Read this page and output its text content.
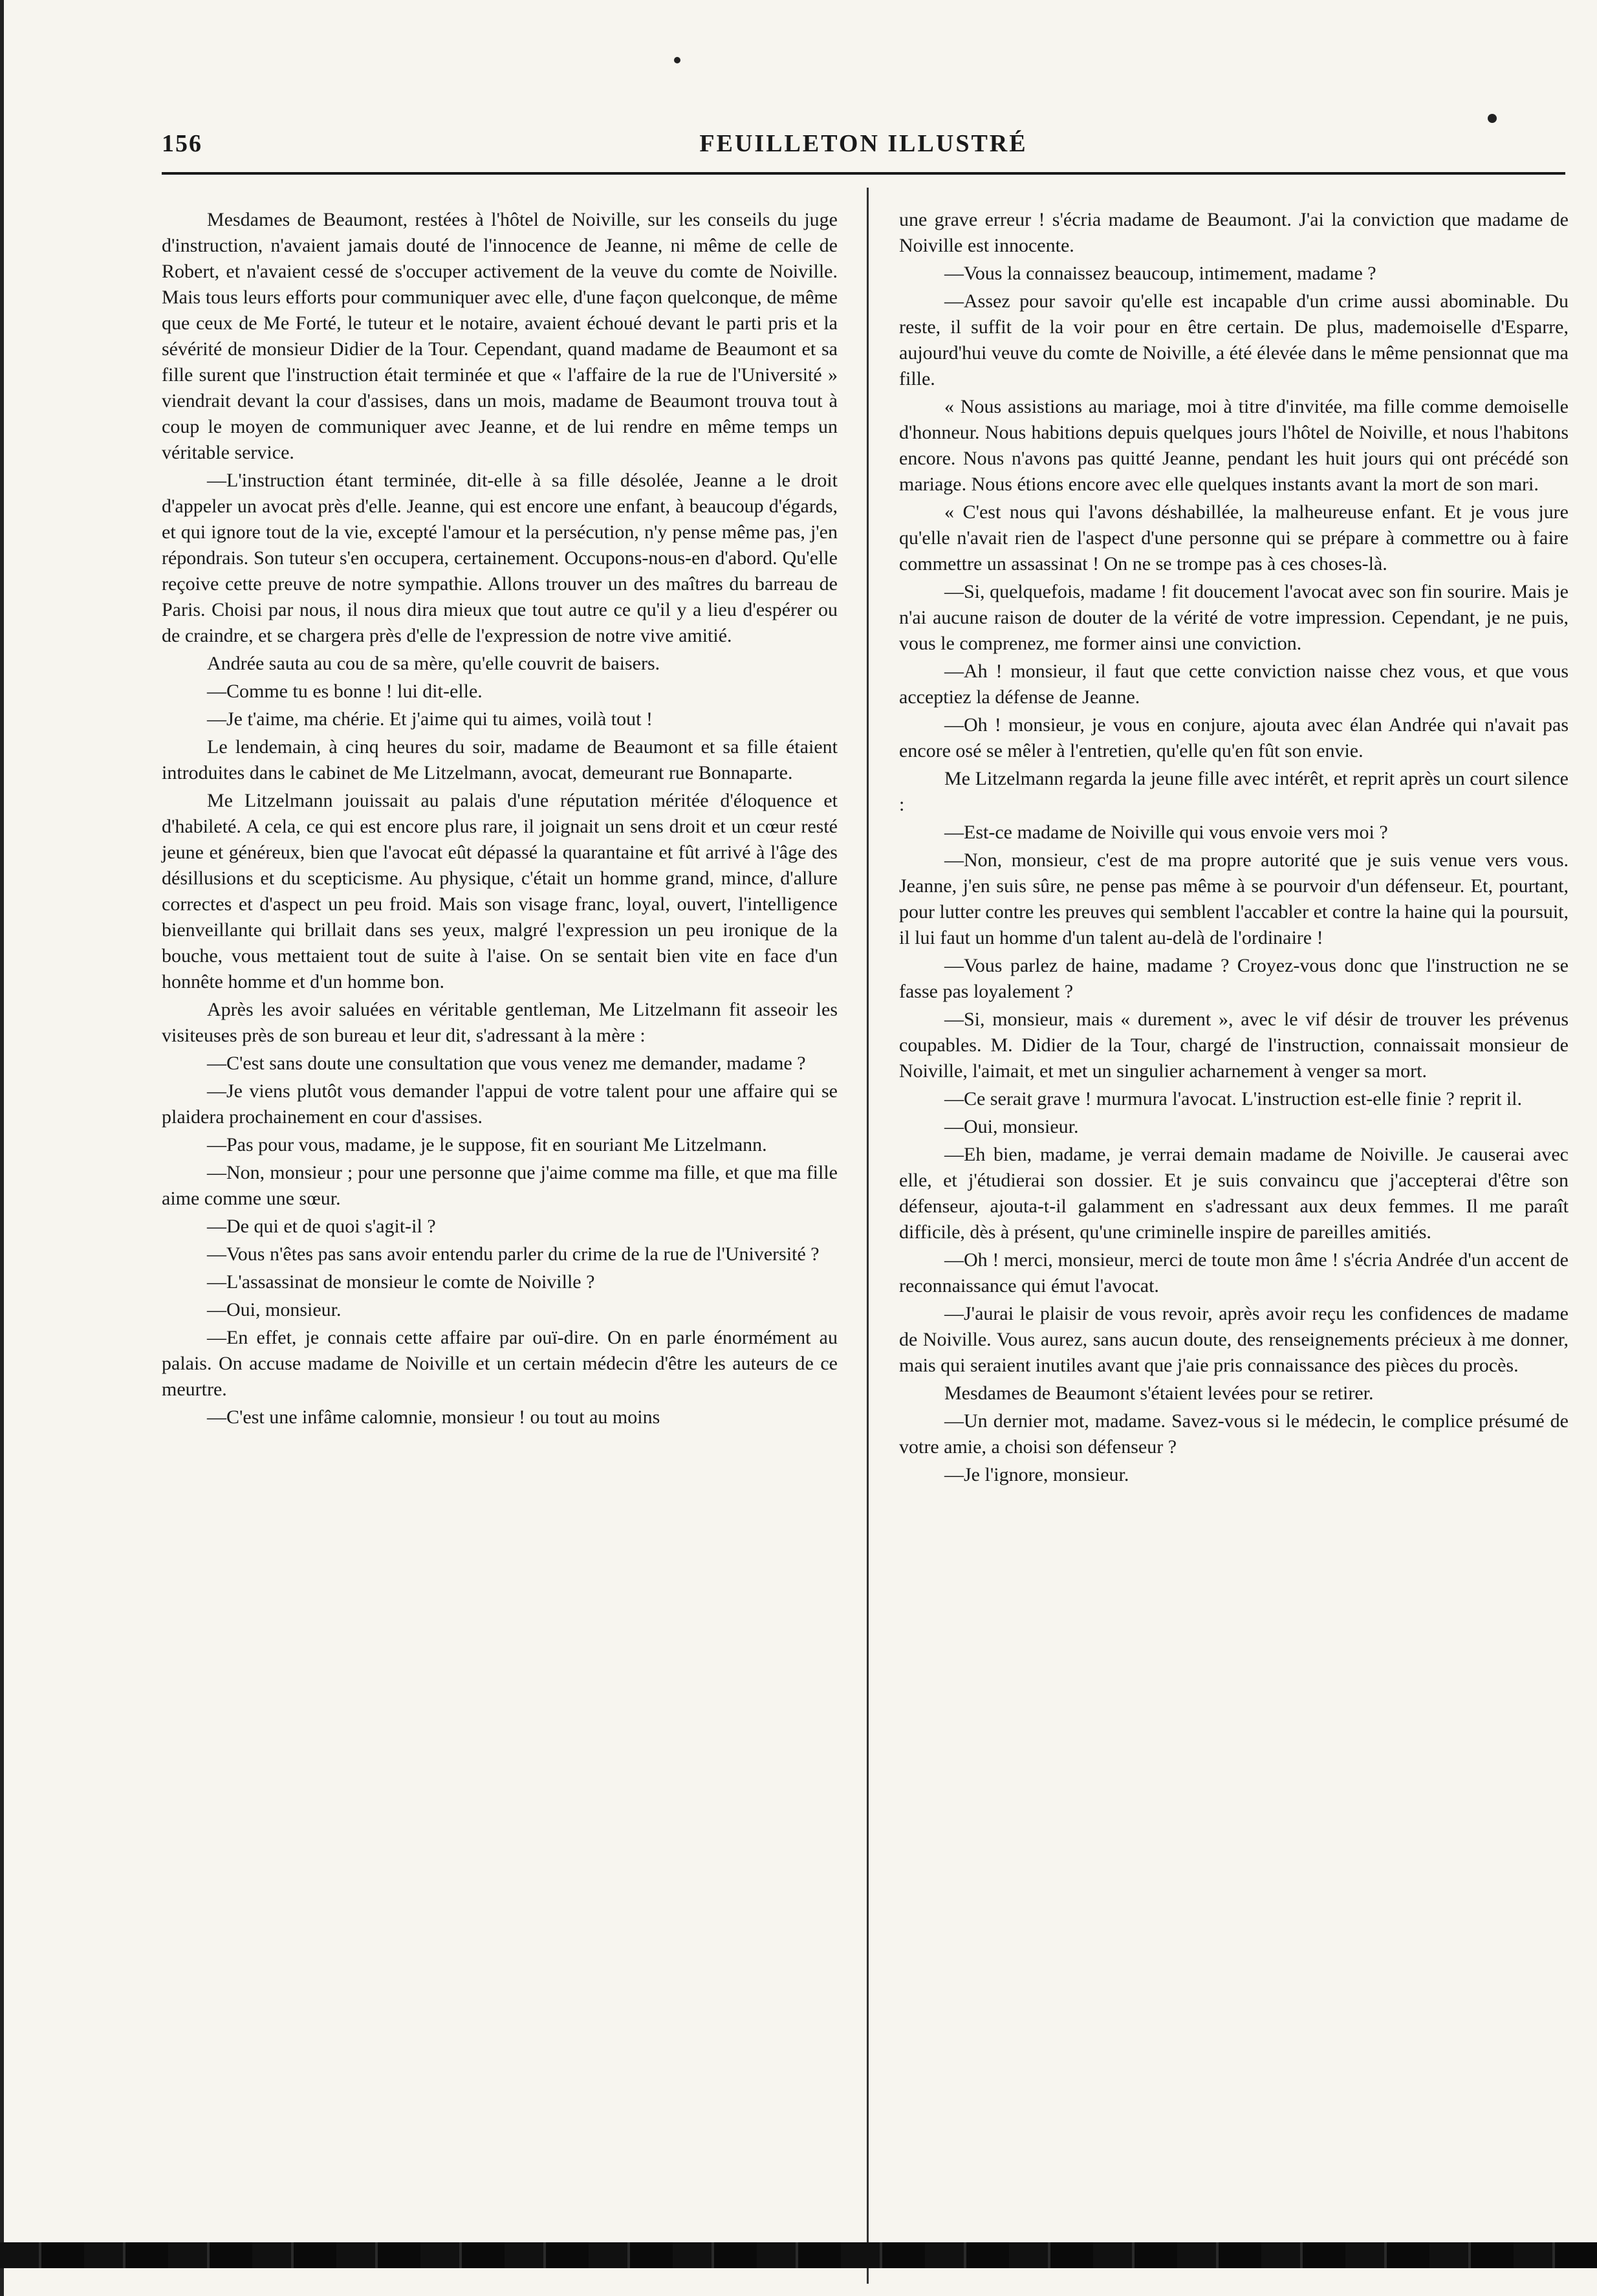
156	FEUILLETON ILLUSTRÉ

Mesdames de Beaumont, restées à l'hôtel de Noiville, sur les conseils du juge d'instruction, n'avaient jamais douté de l'innocence de Jeanne, ni même de celle de Robert, et n'avaient cessé de s'occuper activement de la veuve du comte de Noiville. Mais tous leurs efforts pour communiquer avec elle, d'une façon quelconque, de même que ceux de Me Forté, le tuteur et le notaire, avaient échoué devant le parti pris et la sévérité de monsieur Didier de la Tour. Cependant, quand madame de Beaumont et sa fille surent que l'instruction était terminée et que « l'affaire de la rue de l'Université » viendrait devant la cour d'assises, dans un mois, madame de Beaumont trouva tout à coup le moyen de communiquer avec Jeanne, et de lui rendre en même temps un véritable service.

—L'instruction étant terminée, dit-elle à sa fille désolée, Jeanne a le droit d'appeler un avocat près d'elle. Jeanne, qui est encore une enfant, à beaucoup d'égards, et qui ignore tout de la vie, excepté l'amour et la persécution, n'y pense même pas, j'en répondrais. Son tuteur s'en occupera, certainement. Occupons-nous-en d'abord. Qu'elle reçoive cette preuve de notre sympathie. Allons trouver un des maîtres du barreau de Paris. Choisi par nous, il nous dira mieux que tout autre ce qu'il y a lieu d'espérer ou de craindre, et se chargera près d'elle de l'expression de notre vive amitié.

Andrée sauta au cou de sa mère, qu'elle couvrit de baisers.

—Comme tu es bonne ! lui dit-elle.

—Je t'aime, ma chérie. Et j'aime qui tu aimes, voilà tout !

Le lendemain, à cinq heures du soir, madame de Beaumont et sa fille étaient introduites dans le cabinet de Me Litzelmann, avocat, demeurant rue Bonnaparte.

Me Litzelmann jouissait au palais d'une réputation méritée d'éloquence et d'habileté. A cela, ce qui est encore plus rare, il joignait un sens droit et un cœur resté jeune et généreux, bien que l'avocat eût dépassé la quarantaine et fût arrivé à l'âge des désillusions et du scepticisme. Au physique, c'était un homme grand, mince, d'allure correctes et d'aspect un peu froid. Mais son visage franc, loyal, ouvert, l'intelligence bienveillante qui brillait dans ses yeux, malgré l'expression un peu ironique de la bouche, vous mettaient tout de suite à l'aise. On se sentait bien vite en face d'un honnête homme et d'un homme bon.

Après les avoir saluées en véritable gentleman, Me Litzelmann fit asseoir les visiteuses près de son bureau et leur dit, s'adressant à la mère :

—C'est sans doute une consultation que vous venez me demander, madame ?

—Je viens plutôt vous demander l'appui de votre talent pour une affaire qui se plaidera prochainement en cour d'assises.

—Pas pour vous, madame, je le suppose, fit en souriant Me Litzelmann.

—Non, monsieur ; pour une personne que j'aime comme ma fille, et que ma fille aime comme une sœur.

—De qui et de quoi s'agit-il ?

—Vous n'êtes pas sans avoir entendu parler du crime de la rue de l'Université ?

—L'assassinat de monsieur le comte de Noiville ?

—Oui, monsieur.

—En effet, je connais cette affaire par ouï-dire. On en parle énormément au palais. On accuse madame de Noiville et un certain médecin d'être les auteurs de ce meurtre.

—C'est une infâme calomnie, monsieur ! ou tout au moins

une grave erreur ! s'écria madame de Beaumont. J'ai la conviction que madame de Noiville est innocente.

—Vous la connaissez beaucoup, intimement, madame ?

—Assez pour savoir qu'elle est incapable d'un crime aussi abominable. Du reste, il suffit de la voir pour en être certain. De plus, mademoiselle d'Esparre, aujourd'hui veuve du comte de Noiville, a été élevée dans le même pensionnat que ma fille.

« Nous assistions au mariage, moi à titre d'invitée, ma fille comme demoiselle d'honneur. Nous habitions depuis quelques jours l'hôtel de Noiville, et nous l'habitons encore. Nous n'avons pas quitté Jeanne, pendant les huit jours qui ont précédé son mariage. Nous étions encore avec elle quelques instants avant la mort de son mari.

« C'est nous qui l'avons déshabillée, la malheureuse enfant. Et je vous jure qu'elle n'avait rien de l'aspect d'une personne qui se prépare à commettre ou à faire commettre un assassinat ! On ne se trompe pas à ces choses-là.

—Si, quelquefois, madame ! fit doucement l'avocat avec son fin sourire. Mais je n'ai aucune raison de douter de la vérité de votre impression. Cependant, je ne puis, vous le comprenez, me former ainsi une conviction.

—Ah ! monsieur, il faut que cette conviction naisse chez vous, et que vous acceptiez la défense de Jeanne.

—Oh ! monsieur, je vous en conjure, ajouta avec élan Andrée qui n'avait pas encore osé se mêler à l'entretien, qu'elle qu'en fût son envie.

Me Litzelmann regarda la jeune fille avec intérêt, et reprit après un court silence :

—Est-ce madame de Noiville qui vous envoie vers moi ?

—Non, monsieur, c'est de ma propre autorité que je suis venue vers vous. Jeanne, j'en suis sûre, ne pense pas même à se pourvoir d'un défenseur. Et, pourtant, pour lutter contre les preuves qui semblent l'accabler et contre la haine qui la poursuit, il lui faut un homme d'un talent au-delà de l'ordinaire !

—Vous parlez de haine, madame ? Croyez-vous donc que l'instruction ne se fasse pas loyalement ?

—Si, monsieur, mais « durement », avec le vif désir de trouver les prévenus coupables. M. Didier de la Tour, chargé de l'instruction, connaissait monsieur de Noiville, l'aimait, et met un singulier acharnement à venger sa mort.

—Ce serait grave ! murmura l'avocat. L'instruction est-elle finie ? reprit il.

—Oui, monsieur.

—Eh bien, madame, je verrai demain madame de Noiville. Je causerai avec elle, et j'étudierai son dossier. Et je suis convaincu que j'accepterai d'être son défenseur, ajouta-t-il galamment en s'adressant aux deux femmes. Il me paraît difficile, dès à présent, qu'une criminelle inspire de pareilles amitiés.

—Oh ! merci, monsieur, merci de toute mon âme ! s'écria Andrée d'un accent de reconnaissance qui émut l'avocat.

—J'aurai le plaisir de vous revoir, après avoir reçu les confidences de madame de Noiville. Vous aurez, sans aucun doute, des renseignements précieux à me donner, mais qui seraient inutiles avant que j'aie pris connaissance des pièces du procès.

Mesdames de Beaumont s'étaient levées pour se retirer.

—Un dernier mot, madame. Savez-vous si le médecin, le complice présumé de votre amie, a choisi son défenseur ?

—Je l'ignore, monsieur.
